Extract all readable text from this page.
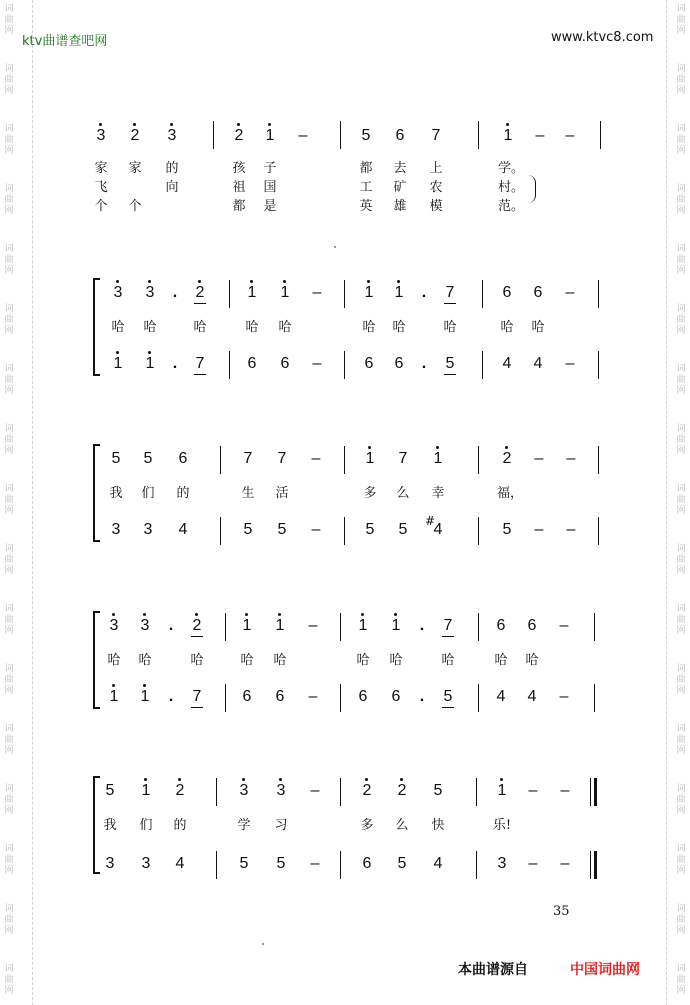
ktv曲谱查吧网	www.ktvc8.com
词
曲
网
词
曲
网
词
曲
网
词
曲
网
词
曲
网
词
曲
网
词
曲
网
词
曲
网
词
曲
网
词
曲
网
词
曲
网
词
曲
网
词
曲
网
词
曲
网
词
曲
网
词
曲
网
词
曲
网
词
曲
网
词
曲
网
词
曲
网
词
曲
网
词
曲
网
词
曲
网
词
曲
网
词
曲
网
词
曲
网
词
曲
网
词
曲
网
词
曲
网
词
曲
网
词
曲
网
词
曲
网
词
曲
网
词
曲
网
3	2	3	2	1	–	5	6	7	1	–	–
家 家 的	孩 子	都 去 上	学。
飞	向	祖 国	工 矿 农	村。
个 个	都 是	英 雄 模	范。
3	3	.	2	1	1	–	1	1	.	7	6	6	–
哈 哈	哈	哈 哈	哈 哈	哈	哈 哈
1	1	.	7	6	6	–	6	6	.	5	4	4	–
5	5	6	7	7	–	1	7	1	2	–	–
我 们 的	生 活	多 么 幸	福，
3	3	4	5	5	–	5	5	4	5	–	–
#
3	3	.	2	1	1	–	1	1	.	7	6	6	–
哈 哈	哈	哈 哈	哈 哈	哈	哈 哈
1	1	.	7	6	6	–	6	6	.	5	4	4	–
5	1	2	3	3	–	2	2	5	1	–	–
我 们 的	学 习	多 么 快	乐!
3	3	4	5	5	–	6	5	4	3	–	–
35
本曲谱源自	中国词曲网
